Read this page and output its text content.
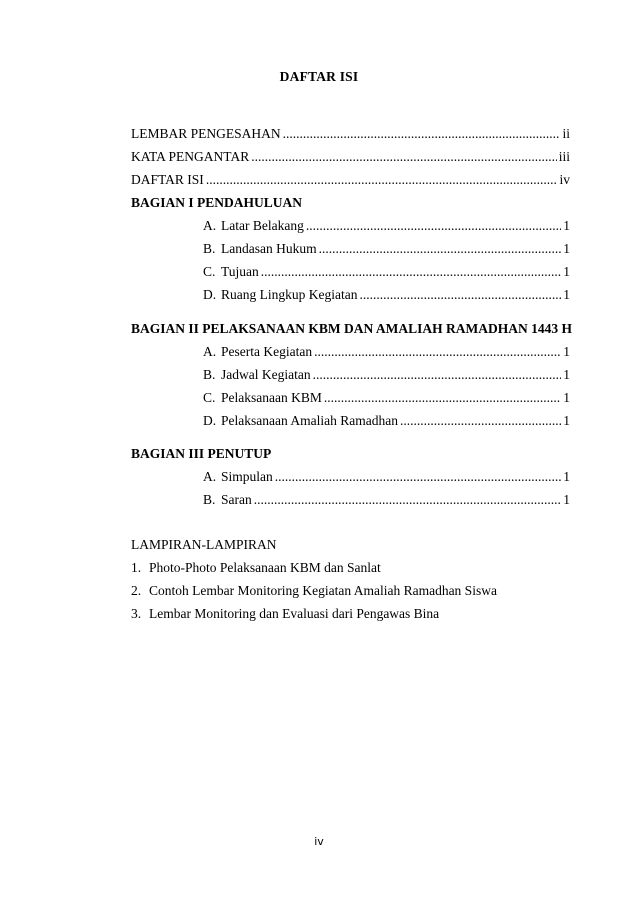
DAFTAR ISI
LEMBAR PENGESAHAN .....	ii
KATA PENGANTAR .....	iii
DAFTAR ISI .....	iv
BAGIAN I PENDAHULUAN
A. Latar Belakang .....	1
B. Landasan Hukum .....	1
C. Tujuan .....	1
D. Ruang Lingkup Kegiatan .....	1
BAGIAN II PELAKSANAAN KBM DAN AMALIAH RAMADHAN 1443 H
A. Peserta Kegiatan .....	1
B. Jadwal Kegiatan .....	1
C. Pelaksanaan KBM .....	1
D. Pelaksanaan Amaliah Ramadhan .....	1
BAGIAN III PENUTUP
A. Simpulan .....	1
B. Saran .....	1
LAMPIRAN-LAMPIRAN
1. Photo-Photo Pelaksanaan KBM dan Sanlat
2. Contoh Lembar Monitoring Kegiatan Amaliah Ramadhan Siswa
3. Lembar Monitoring dan Evaluasi dari Pengawas Bina
iv
